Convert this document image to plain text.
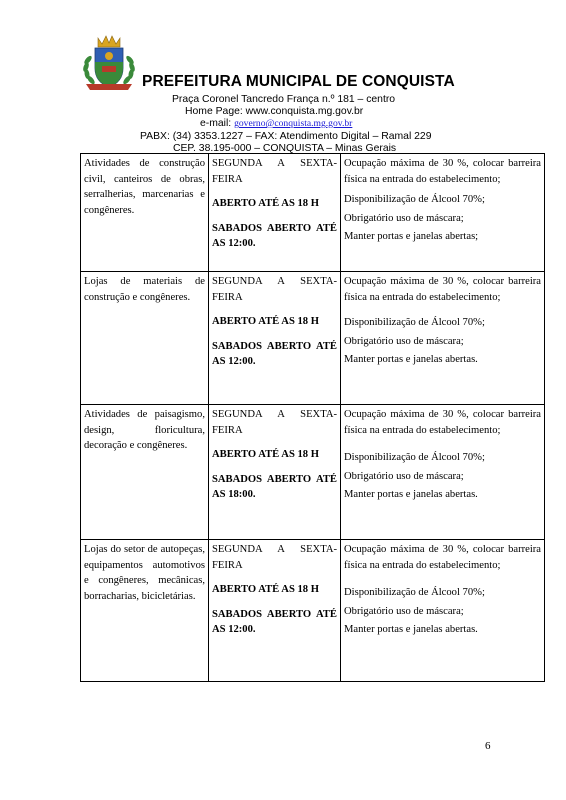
PREFEITURA MUNICIPAL DE CONQUISTA
Praça Coronel Tancredo França n.º 181 – centro
Home Page: www.conquista.mg.gov.br
e-mail: governo@conquista.mg.gov.br
PABX: (34) 3353.1227 – FAX: Atendimento Digital – Ramal 229
CEP. 38.195-000 – CONQUISTA – Minas Gerais
Atividades de construção civil, canteiros de obras, serralherias, marcenarias e congêneres.	SEGUNDA A SEXTA-FEIRA
ABERTO ATÉ AS 18 H
SABADOS ABERTO ATÉ AS 12:00.	Ocupação máxima de 30 %, colocar barreira física na entrada do estabelecimento;
Disponibilização de Álcool 70%;
Obrigatório uso de máscara;
Manter portas e janelas abertas;

Lojas de materiais de construção e congêneres.	SEGUNDA A SEXTA-FEIRA
ABERTO ATÉ AS 18 H
SABADOS ABERTO ATÉ AS 12:00.	Ocupação máxima de 30 %, colocar barreira física na entrada do estabelecimento;
Disponibilização de Álcool 70%;
Obrigatório uso de máscara;
Manter portas e janelas abertas.

Atividades de paisagismo, design, floricultura, decoração e congêneres.	SEGUNDA A SEXTA-FEIRA
ABERTO ATÉ AS 18 H
SABADOS ABERTO ATÉ AS 18:00.	Ocupação máxima de 30 %, colocar barreira física na entrada do estabelecimento;
Disponibilização de Álcool 70%;
Obrigatório uso de máscara;
Manter portas e janelas abertas.

Lojas do setor de autopeças, equipamentos automotivos e congêneres, mecânicas, borracharias, bicicletárias.	SEGUNDA A SEXTA-FEIRA
ABERTO ATÉ AS 18 H
SABADOS ABERTO ATÉ AS 12:00.	Ocupação máxima de 30 %, colocar barreira física na entrada do estabelecimento;
Disponibilização de Álcool 70%;
Obrigatório uso de máscara;
Manter portas e janelas abertas.
6
